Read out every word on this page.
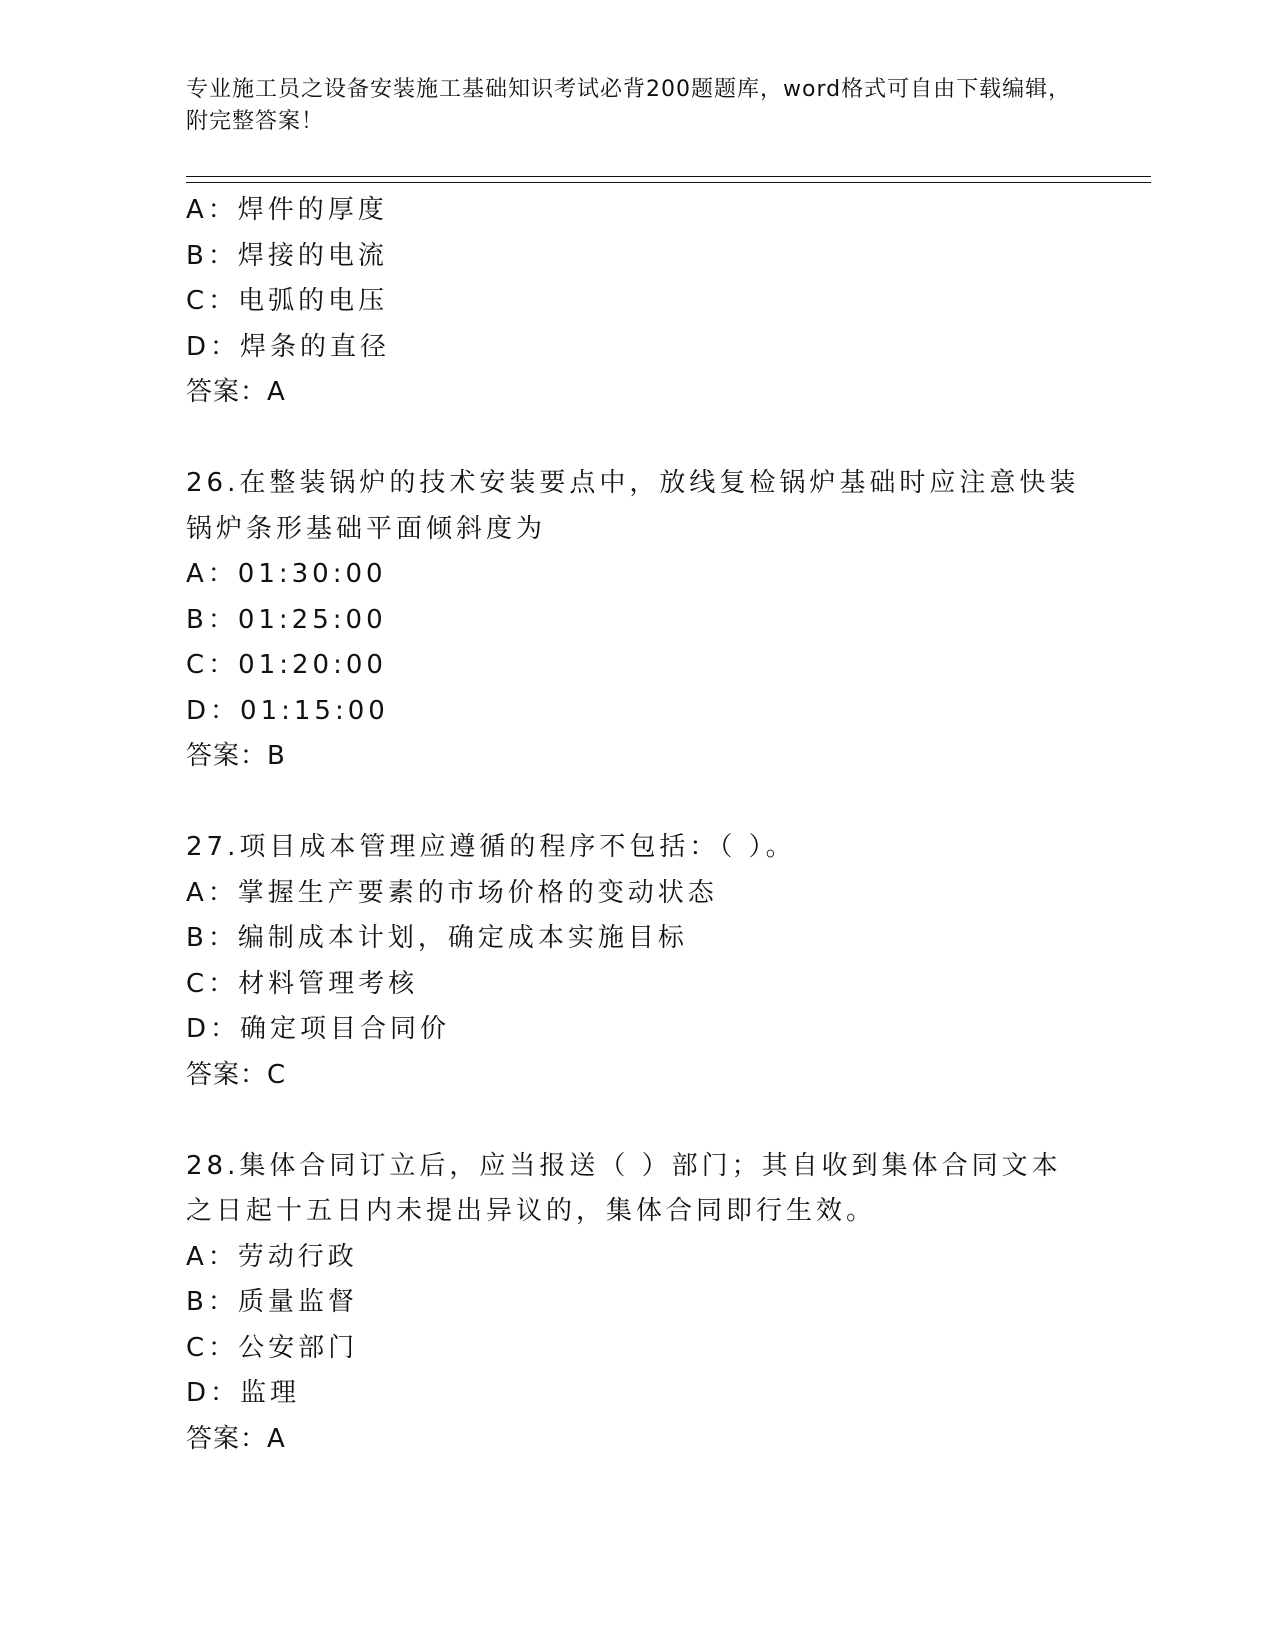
专业施工员之设备安装施工基础知识考试必背200题题库，word格式可自由下载编辑，附完整答案！
A：焊件的厚度
B：焊接的电流
C：电弧的电压
D：焊条的直径
答案：A
26.在整装锅炉的技术安装要点中，放线复检锅炉基础时应注意快装锅炉条形基础平面倾斜度为
A：01:30:00
B：01:25:00
C：01:20:00
D：01:15:00
答案：B
27.项目成本管理应遵循的程序不包括：（ ）。
A：掌握生产要素的市场价格的变动状态
B：编制成本计划，确定成本实施目标
C：材料管理考核
D：确定项目合同价
答案：C
28.集体合同订立后，应当报送（ ）部门；其自收到集体合同文本之日起十五日内未提出异议的，集体合同即行生效。
A：劳动行政
B：质量监督
C：公安部门
D：监理
答案：A
